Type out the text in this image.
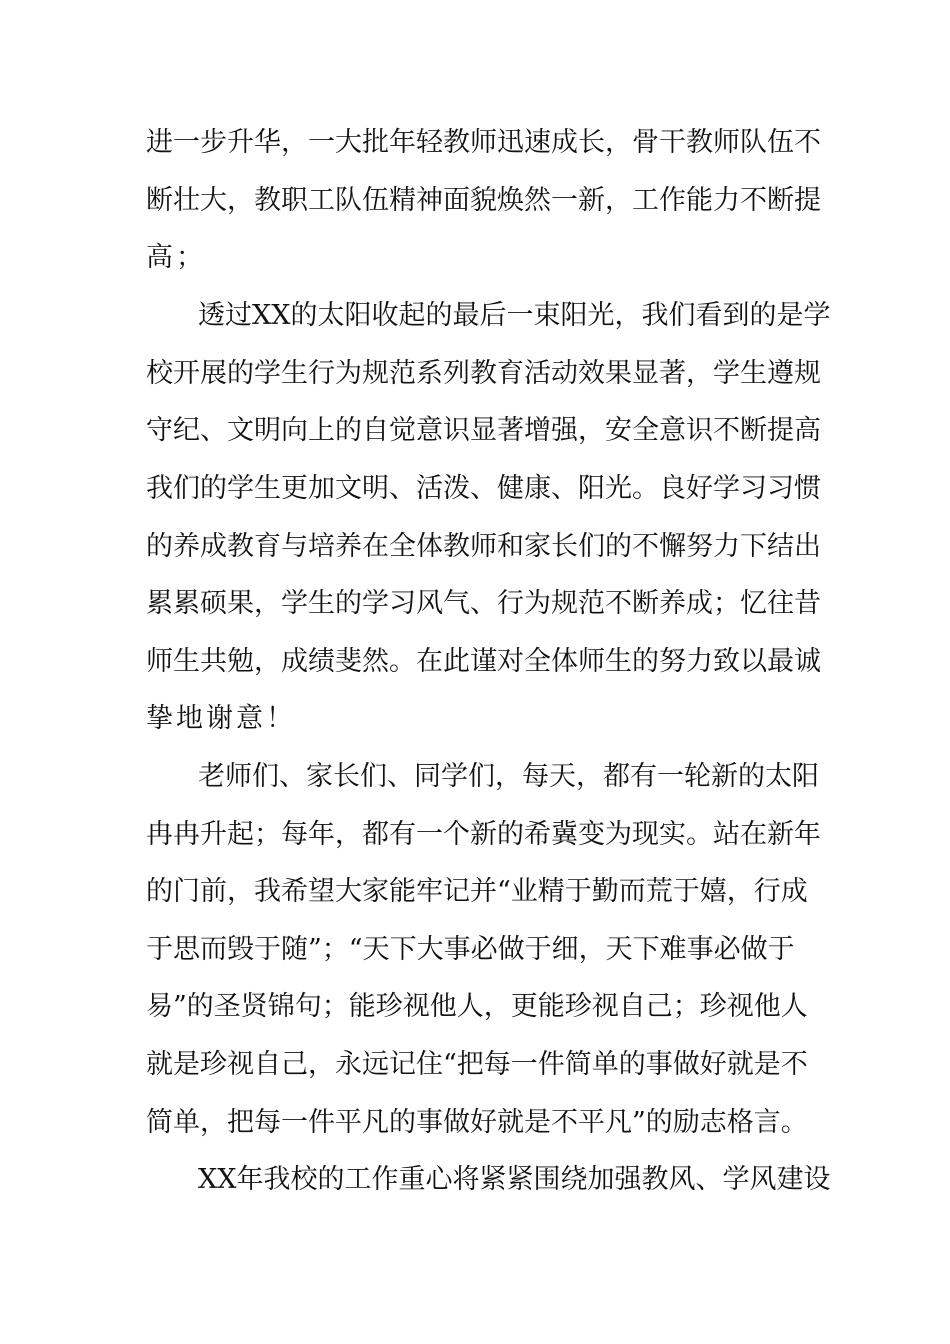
进一步升华，一大批年轻教师迅速成长，骨干教师队伍不
断壮大，教职工队伍精神面貌焕然一新，工作能力不断提
高；
透过XX的太阳收起的最后一束阳光，我们看到的是学
校开展的学生行为规范系列教育活动效果显著，学生遵规
守纪、文明向上的自觉意识显著增强，安全意识不断提高
我们的学生更加文明、活泼、健康、阳光。良好学习习惯
的养成教育与培养在全体教师和家长们的不懈努力下结出
累累硕果，学生的学习风气、行为规范不断养成；忆往昔
师生共勉，成绩斐然。在此谨对全体师生的努力致以最诚
挚地谢意！
老师们、家长们、同学们，每天，都有一轮新的太阳
冉冉升起；每年，都有一个新的希冀变为现实。站在新年
的门前，我希望大家能牢记并“业精于勤而荒于嬉，行成
于思而毁于随”；“天下大事必做于细，天下难事必做于
易”的圣贤锦句；能珍视他人，更能珍视自己；珍视他人
就是珍视自己，永远记住“把每一件简单的事做好就是不
简单，把每一件平凡的事做好就是不平凡”的励志格言。
XX年我校的工作重心将紧紧围绕加强教风、学风建设
